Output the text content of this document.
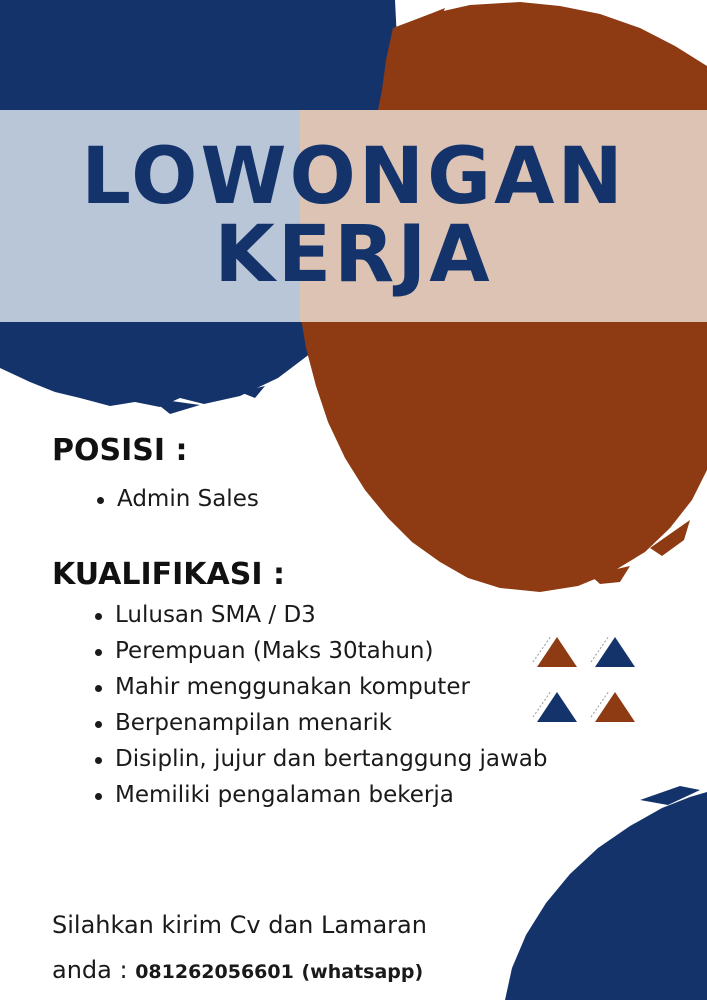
LOWONGAN
KERJA
POSISI :
Admin Sales
KUALIFIKASI :
Lulusan SMA / D3
Perempuan (Maks 30tahun)
Mahir menggunakan komputer
Berpenampilan menarik
Disiplin, jujur dan bertanggung jawab
Memiliki pengalaman bekerja

Silahkan kirim Cv dan Lamaran

anda : 081262056601 (whatsapp)
